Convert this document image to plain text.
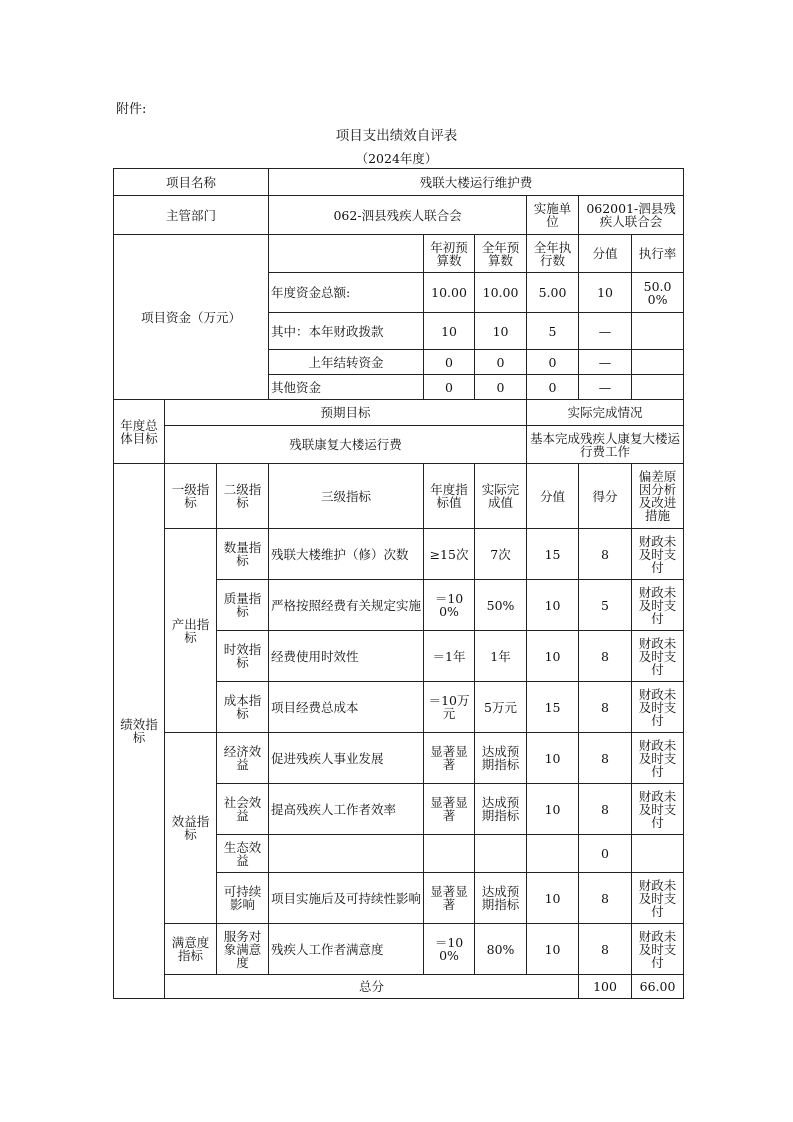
附件:
项目支出绩效自评表
（2024年度）
项目名称			残联大楼运行维护费						
主管部门			062-泗县残疾人联合会			实施单位	062001-泗县残疾人联合会		
项目资金（万元）				年初预算数	全年预算数	全年执行数	分值	执行率	
			年度资金总额:	10.00	10.00	5.00	10	50.00%	
			其中：本年财政拨款	10	10	5	—		
			上年结转资金	0	0	0	—		
			其他资金	0	0	0	—		
年度总体目标	预期目标					实际完成情况			
	残联康复大楼运行费					基本完成残疾人康复大楼运行费工作			
绩效指标	一级指标	二级指标	三级指标	年度指标值	实际完成值	分值	得分	偏差原因分析及改进措施	
	产出指标	数量指标	残联大楼维护（修）次数	≥15次	7次	15	8	财政未及时支付	
		质量指标	严格按照经费有关规定实施	＝100%	50%	10	5	财政未及时支付	
		时效指标	经费使用时效性	＝1年	1年	10	8	财政未及时支付	
		成本指标	项目经费总成本	＝10万元	5万元	15	8	财政未及时支付	
	效益指标	经济效益	促进残疾人事业发展	显著显著	达成预期指标	10	8	财政未及时支付	
		社会效益	提高残疾人工作者效率	显著显著	达成预期指标	10	8	财政未及时支付	
		生态效益					0		
		可持续影响	项目实施后及可持续性影响	显著显著	达成预期指标	10	8	财政未及时支付	
	满意度指标	服务对象满意度	残疾人工作者满意度	＝100%	80%	10	8	财政未及时支付	
	总分						100	66.00	
